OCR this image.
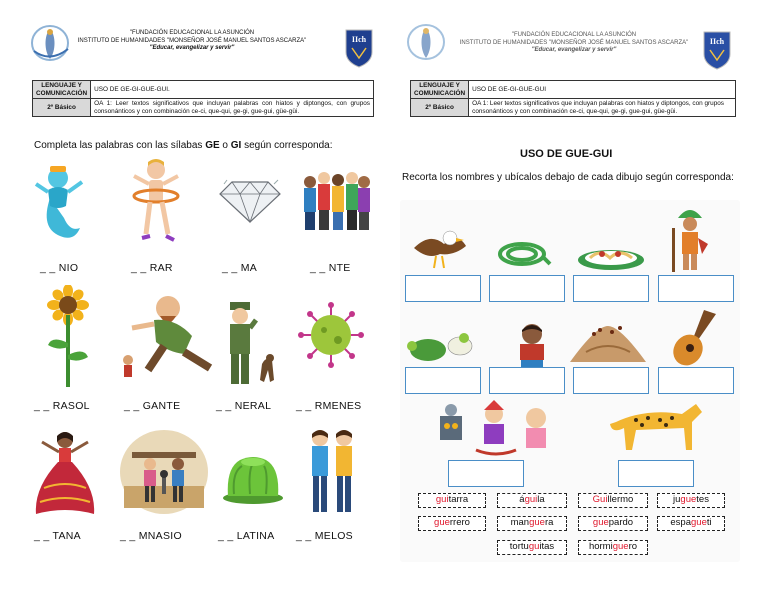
"FUNDACIÓN EDUCACIONAL LA ASUNCIÓN
INSTITUTO DE HUMANIDADES "MONSEÑOR JOSÉ MANUEL SANTOS ASCARZA"
"Educar, evangelizar y servir"
IIch
LENGUAJE Y COMUNICACIÓN	USO DE GE-GI-GUE-GUI.
2º Básico	OA 1: Leer textos significativos que incluyan palabras con hiatos y diptongos, con grupos consonánticos y con combinación ce-ci, que-qui, ge-gi, gue-gui, güe-güi.
Completa las palabras con las sílabas GE o GI según corresponda:
_ _ NIO	_ _ RAR	_ _ MA	_ _ NTE
_ _ RASOL	_ _ GANTE	_ _ NERAL _ _ RMENES
_ _ TANA	_ _ MNASIO	_ _ LATINA _ _ MELOS
"FUNDACIÓN EDUCACIONAL LA ASUNCIÓN
INSTITUTO DE HUMANIDADES "MONSEÑOR JOSÉ MANUEL SANTOS ASCARZA"
"Educar, evangelizar y servir"
IIch
LENGUAJE Y COMUNICACIÓN	USO DE GE-GI-GUE-GUI
2º Básico	OA 1: Leer textos significativos que incluyan palabras con hiatos y diptongos, con grupos consonánticos y con combinación ce-ci, que-qui, ge-gi, gue-gui, güe-güi.
USO DE GUE-GUI
Recorta los nombres y ubícalos debajo de cada dibujo según corresponda:
guitarra	águila	Guillermo	juguetes
guerrero	manguera	guepardo	espagueti
tortuguitas	hormiguero
